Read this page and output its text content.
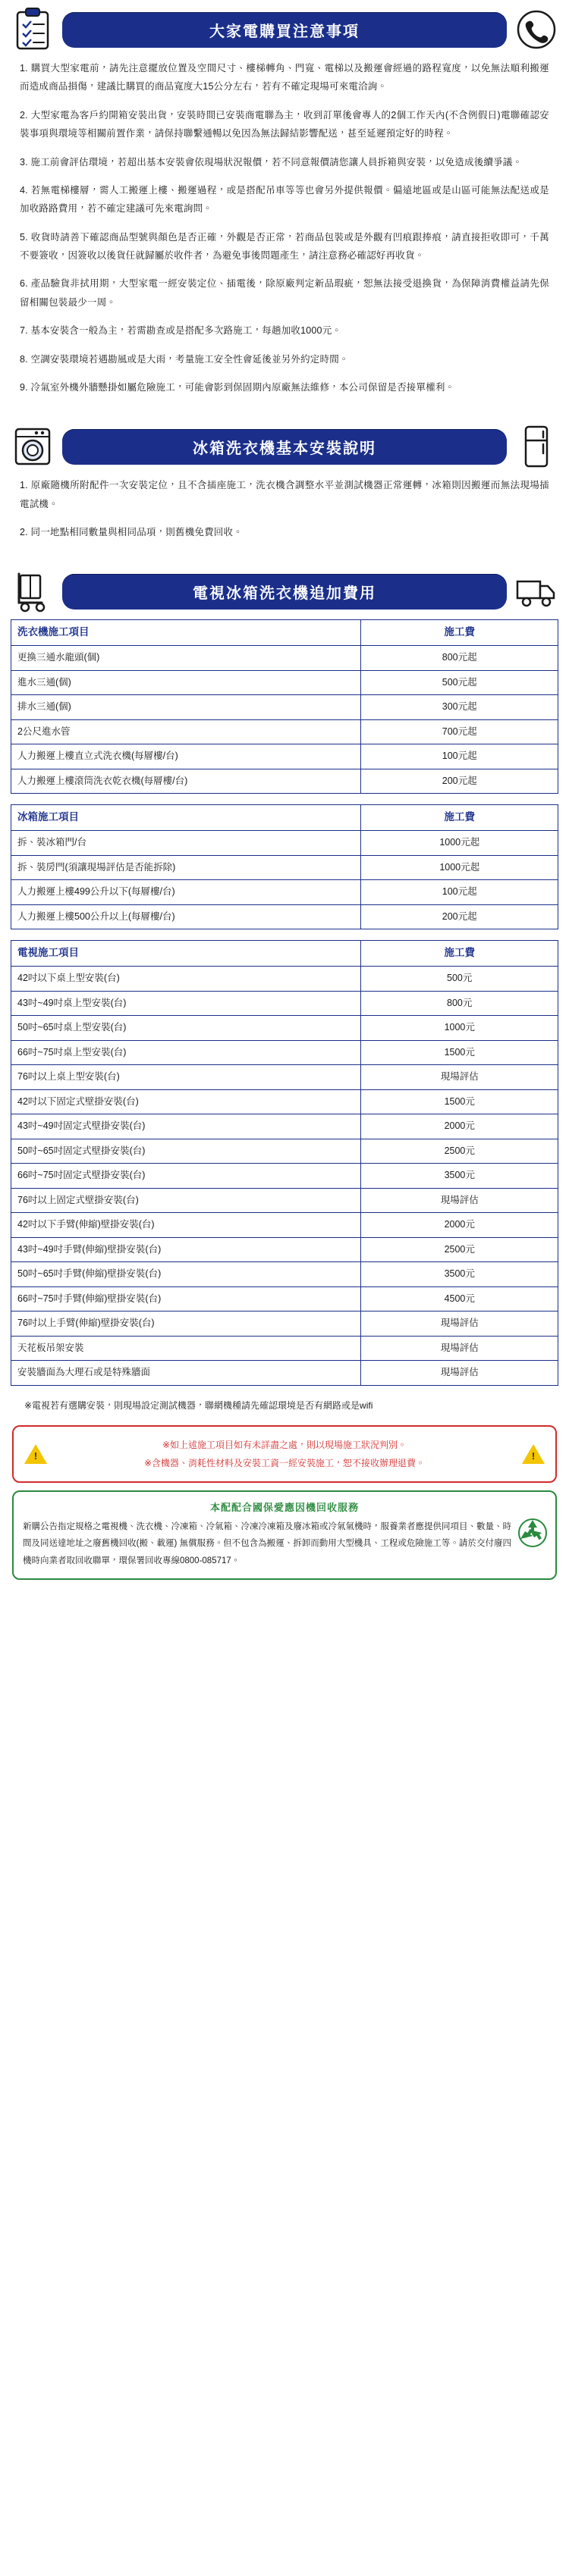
大家電購買注意事項

1. 購買大型家電前，請先注意擺放位置及空間尺寸、樓梯轉角、門寬、電梯以及搬運會經過的路程寬度，以免無法順利搬運而造成商品損傷，建議比購買的商品寬度大15公分左右，若有不確定現場可來電洽詢。

2. 大型家電為客戶約開箱安裝出貨，安裝時間已安裝商電聯為主，收到訂單後會專人的2個工作天內(不含例假日)電聯確認安裝事項與環境等相關前置作業，請保持聯繫通暢以免因為無法歸結影響配送，甚至延遲預定好的時程。

3. 施工前會評估環境，若超出基本安裝會依現場狀況報價，若不同意報價請您讓人員拆箱與安裝，以免造成後續爭議。

4. 若無電梯樓層，需人工搬運上樓、搬運過程，或是搭配吊車等等也會另外提供報價。偏遠地區或是山區可能無法配送或是加收路路費用，若不確定建議可先來電詢問。

5. 收貨時請善下確認商品型號與顏色是否正確，外觀是否正常，若商品包裝或是外觀有凹痕跟捧痕，請直接拒收即可，千萬不要簽收，因簽收以後貨任就歸屬於收件者，為避免事後問題產生，請注意務必確認好再收貨。

6. 產品驗貨非拭用期，大型家電一經安裝定位、插電後，除原廠判定新品瑕疵，恕無法接受退換貨，為保障消費權益請先保留相關包裝最少一周。

7. 基本安裝含一般為主，若需勘查或是搭配多次路施工，每趟加收1000元。

8. 空調安裝環境若遇勘風或是大雨，考量施工安全性會延後並另外約定時間。

9. 冷氣室外機外牆懸掛如屬危險施工，可能會影到保固期內原廠無法維修，本公司保留是否接單權利。

冰箱洗衣機基本安裝說明

1. 原廠隨機所附配件一次安裝定位，且不含插座施工，洗衣機含調整水平並測試機器正常運轉，冰箱則因搬運而無法現場插電試機。

2. 同一地點相同數量與相同品項，則舊機免費回收。

電視冰箱洗衣機追加費用
洗衣機施工項目	施工費
更換三通水龍頭(個)	800元起
進水三通(個)	500元起
排水三通(個)	300元起
2公尺進水管	700元起
人力搬運上樓直立式洗衣機(每層樓/台)	100元起
人力搬運上樓滾筒洗衣乾衣機(每層樓/台)	200元起
冰箱施工項目	施工費
拆、裝冰箱門/台	1000元起
拆、裝房門(須讓現場評估是否能拆除)	1000元起
人力搬運上樓499公升以下(每層樓/台)	100元起
人力搬運上樓500公升以上(每層樓/台)	200元起
電視施工項目	施工費
42吋以下桌上型安裝(台)	500元
43吋~49吋桌上型安裝(台)	800元
50吋~65吋桌上型安裝(台)	1000元
66吋~75吋桌上型安裝(台)	1500元
76吋以上桌上型安裝(台)	現場評估
42吋以下固定式壁掛安裝(台)	1500元
43吋~49吋固定式壁掛安裝(台)	2000元
50吋~65吋固定式壁掛安裝(台)	2500元
66吋~75吋固定式壁掛安裝(台)	3500元
76吋以上固定式壁掛安裝(台)	現場評估
42吋以下手臂(伸縮)壁掛安裝(台)	2000元
43吋~49吋手臂(伸縮)壁掛安裝(台)	2500元
50吋~65吋手臂(伸縮)壁掛安裝(台)	3500元
66吋~75吋手臂(伸縮)壁掛安裝(台)	4500元
76吋以上手臂(伸縮)壁掛安裝(台)	現場評估
天花板吊架安裝	現場評估
安裝牆面為大理石或是特殊牆面	現場評估
※電視若有選購安裝，則現場設定測試機器，聯網機種請先確認環境是否有網路或是wifi
!
※如上述施工項目如有未詳盡之處，則以現場施工狀況判別。
※含機器、消耗性材料及安裝工資一經安裝施工，恕不接收辦理退費。
!
本配配合國保愛應因機回收服務
新購公告指定規格之電視機、洗衣機、冷凍箱、冷氣箱、冷凍冷凍箱及廢冰箱或冷氣氣機時，服養業者應提供同項目、數量、時間及同送達地址之廢舊機回收(搬、載運) 無償服務。但不包含為搬運、拆卸而動用大型機具、工程或危險施工等。請於交付廢四機時向業者取回收聯單，環保署回收專線0800-085717。
